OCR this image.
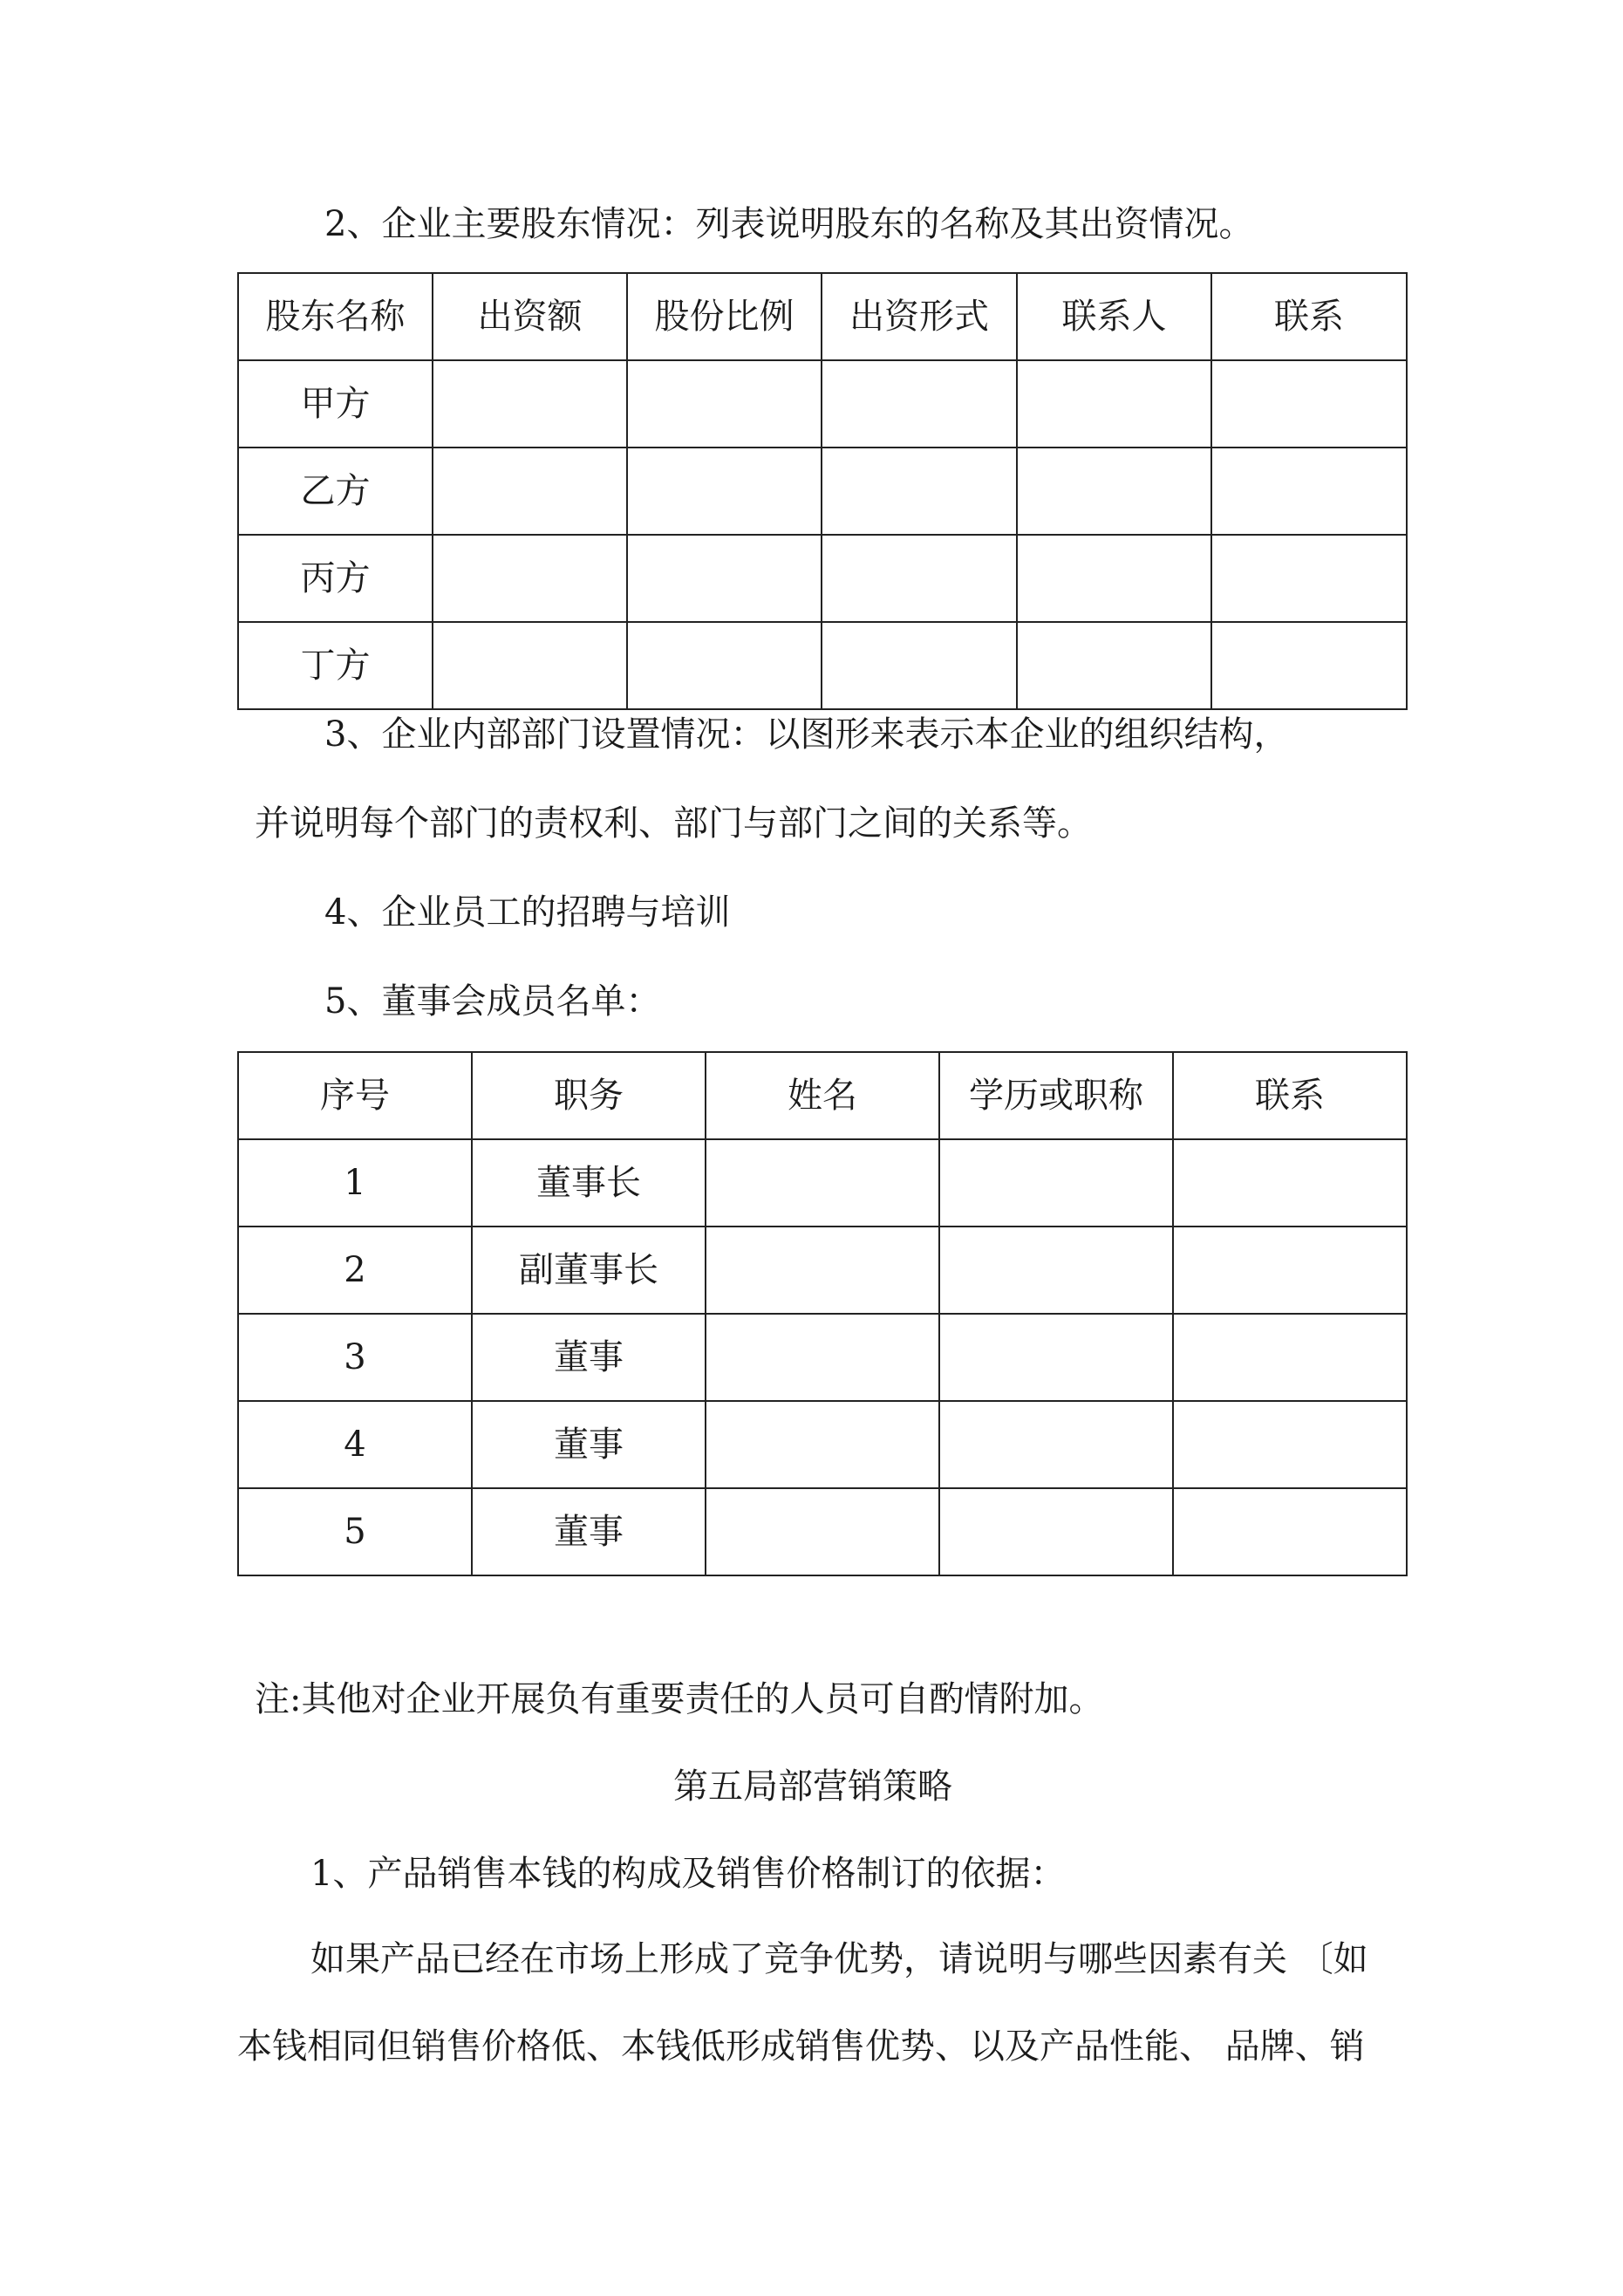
2、企业主要股东情况：列表说明股东的名称及其出资情况。

股东名称	出资额	股份比例	出资形式	联系人	联系
甲方					
乙方					
丙方					
丁方					

3、企业内部部门设置情况：以图形来表示本企业的组织结构，

并说明每个部门的责权利、部门与部门之间的关系等。

4、企业员工的招聘与培训

5、董事会成员名单：

序号	职务	姓名	学历或职称	联系
1	董事长			
2	副董事长			
3	董事			
4	董事			
5	董事			

注:其他对企业开展负有重要责任的人员可自酌情附加。

第五局部营销策略

1、产品销售本钱的构成及销售价格制订的依据：

如果产品已经在市场上形成了竞争优势，请说明与哪些因素有关 〔如

本钱相同但销售价格低、本钱低形成销售优势、以及产品性能、 品牌、销
